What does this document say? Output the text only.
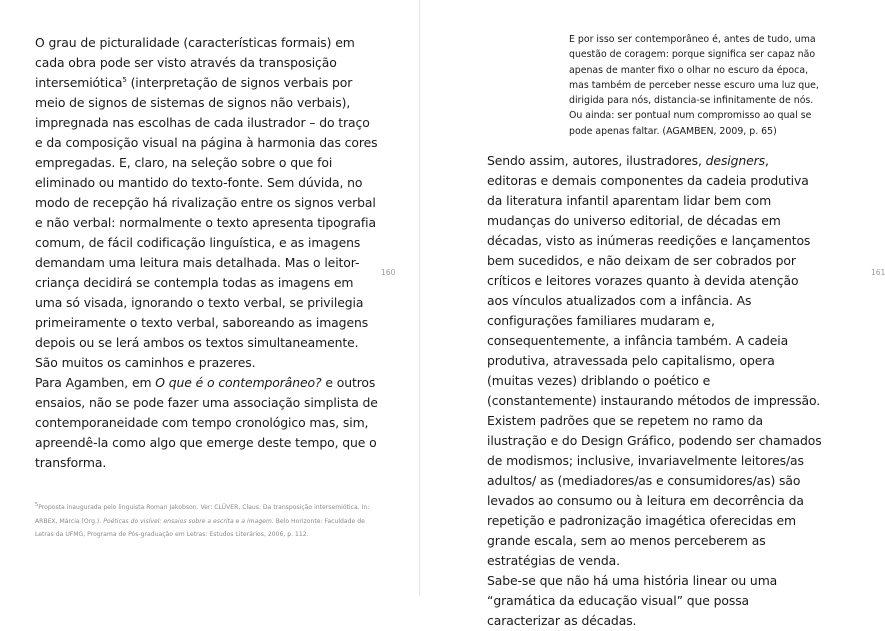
O grau de picturalidade (características formais) em cada obra pode ser visto através da transposição intersemiótica$^5$ (interpretação de signos verbais por meio de signos de sistemas de signos não verbais), impregnada nas escolhas de cada ilustrador – do traço e da composição visual na página à harmonia das cores empregadas. E, claro, na seleção sobre o que foi eliminado ou mantido do texto-fonte. Sem dúvida, no modo de recepção há rivalização entre os signos verbal e não verbal: normalmente o texto apresenta tipografia comum, de fácil codificação linguística, e as imagens demandam uma leitura mais detalhada. Mas o leitor-criança decidirá se contempla todas as imagens em uma só visada, ignorando o texto verbal, se privilegia primeiramente o texto verbal, saboreando as imagens depois ou se lerá ambos os textos simultaneamente. São muitos os caminhos e prazeres.

Para Agamben, em O que é o contemporâneo? e outros ensaios, não se pode fazer uma associação simplista de contemporaneidade com tempo cronológico mas, sim, apreendê-la como algo que emerge deste tempo, que o transforma.

$^5$Proposta inaugurada pelo linguista Roman Jakobson. Ver: CLÜVER, Claus. Da transposição intersemiótica. In: ARBEX, Márcia (Org.). Poéticas do visível: ensaios sobre a escrita e a imagem. Belo Horizonte: Faculdade de Letras da UFMG, Programa de Pós-graduação em Letras: Estudos Literários, 2006, p. 112.

160

E por isso ser contemporâneo é, antes de tudo, uma questão de coragem: porque significa ser capaz não apenas de manter fixo o olhar no escuro da época, mas também de perceber nesse escuro uma luz que, dirigida para nós, distancia-se infinitamente de nós. Ou ainda: ser pontual num compromisso ao qual se pode apenas faltar. (AGAMBEN, 2009, p. 65)

Sendo assim, autores, ilustradores, designers, editoras e demais componentes da cadeia produtiva da literatura infantil aparentam lidar bem com mudanças do universo editorial, de décadas em décadas, visto as inúmeras reedições e lançamentos bem sucedidos, e não deixam de ser cobrados por críticos e leitores vorazes quanto à devida atenção aos vínculos atualizados com a infância. As configurações familiares mudaram e, consequentemente, a infância também. A cadeia produtiva, atravessada pelo capitalismo, opera (muitas vezes) driblando o poético e (constantemente) instaurando métodos de impressão. Existem padrões que se repetem no ramo da ilustração e do Design Gráfico, podendo ser chamados de modismos; inclusive, invariavelmente leitores/as adultos/ as (mediadores/as e consumidores/as) são levados ao consumo ou à leitura em decorrência da repetição e padronização imagética oferecidas em grande escala, sem ao menos perceberem as estratégias de venda.
Sabe-se que não há uma história linear ou uma “gramática da educação visual” que possa caracterizar as décadas.

161
